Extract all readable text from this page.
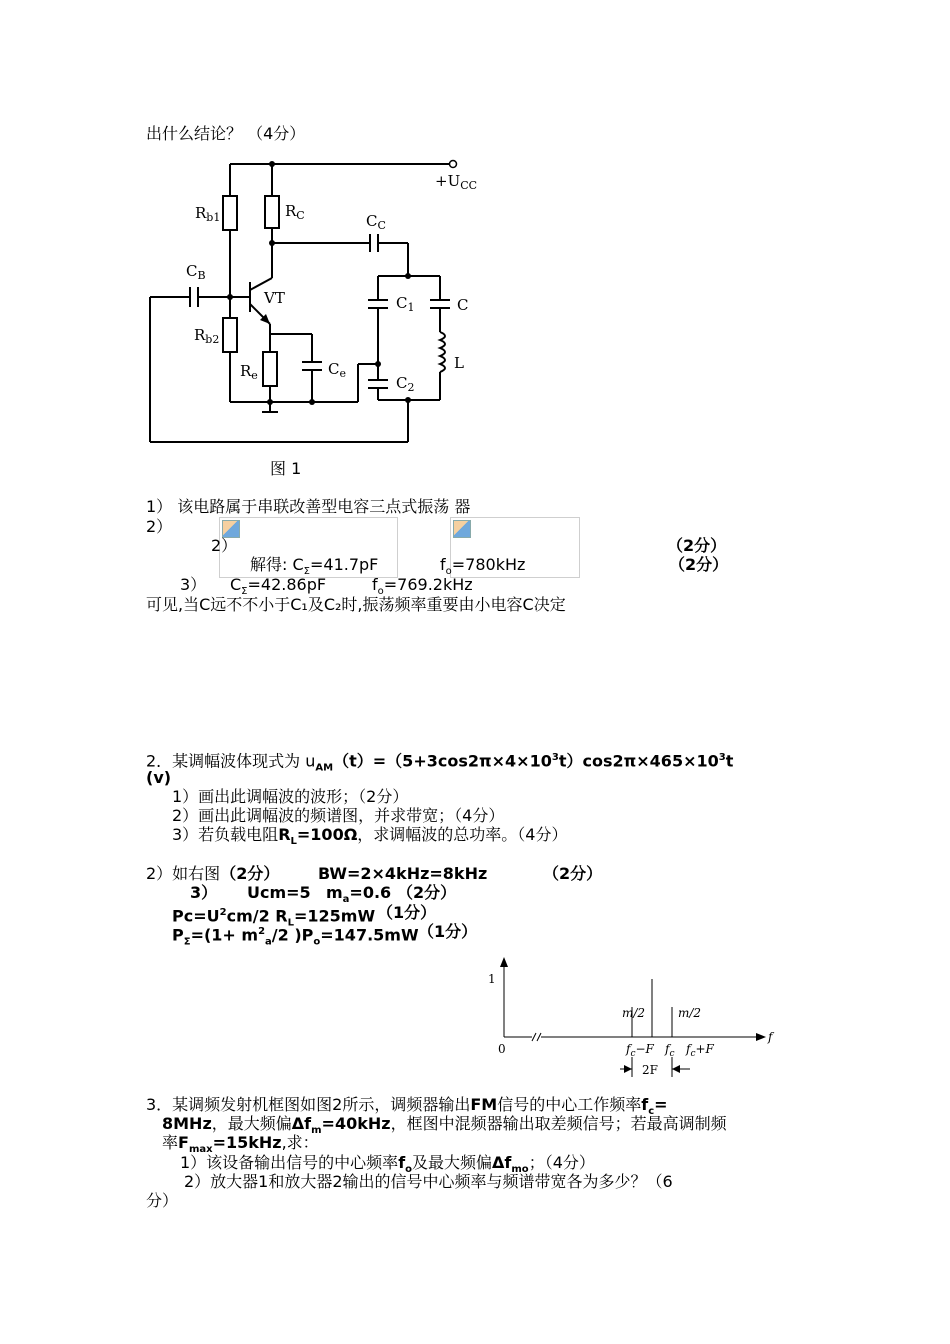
出什么结论？ （4分）
$+U_{CC}$
$R_{b1}$	$R_C$	$C_C$
$C_B$
VT
$R_{b2}$
$C_1$	C
L
$R_e$	$C_e$
$C_2$
图 1
1） 该电路属于串联改善型电容三点式振荡 器
2）
2）
解得: $C_\Sigma=41.7pF$	$f_o=780kHz$
（2分）
（2分）
3） $C_\Sigma=42.86pF$	$f_o=769.2kHz$
可见,当C远不不小于C₁及C₂时,振荡频率重要由小电容C决定
2．某调幅波体现式为 $u_{AM}(t)=(5+3\cos 2\pi\times 4\times 10^3t)\cos 2\pi\times 465\times 10^3t$
(v)
1）画出此调幅波的波形；（2分）
2）画出此调幅波的频谱图，并求带宽；（4分）
3）若负载电阻$R_L=100\Omega$，求调幅波的总功率。（4分）
2）如右图（2分） BW=2×4kHz=8kHz	（2分）
3） Ucm=5 $m_a=0.6$ （2分）
$Pc=U^2cm/2$ $R_L=125mW$ （1分）
$P_\Sigma=(1+ m^2_a/2$ )$P_o=147.5mW$ （1分）
1
0
m/2	m/2
f
$f_c-F$ $f_c$ $f_c+F$
2F
3．某调频发射机框图如图2所示，调频器输出FM信号的中心工作频率$f_c=$
8MHz，最大频偏$\Delta f_m=40kHz$，框图中混频器输出取差频信号；若最高调制频
率$F_{max}=15kHz$,求：
1）该设备输出信号的中心频率$f_o$及最大频偏$\Delta f_{mo}$；（4分）
2）放大器1和放大器2输出的信号中心频率与频谱带宽各为多少？（6
分）
